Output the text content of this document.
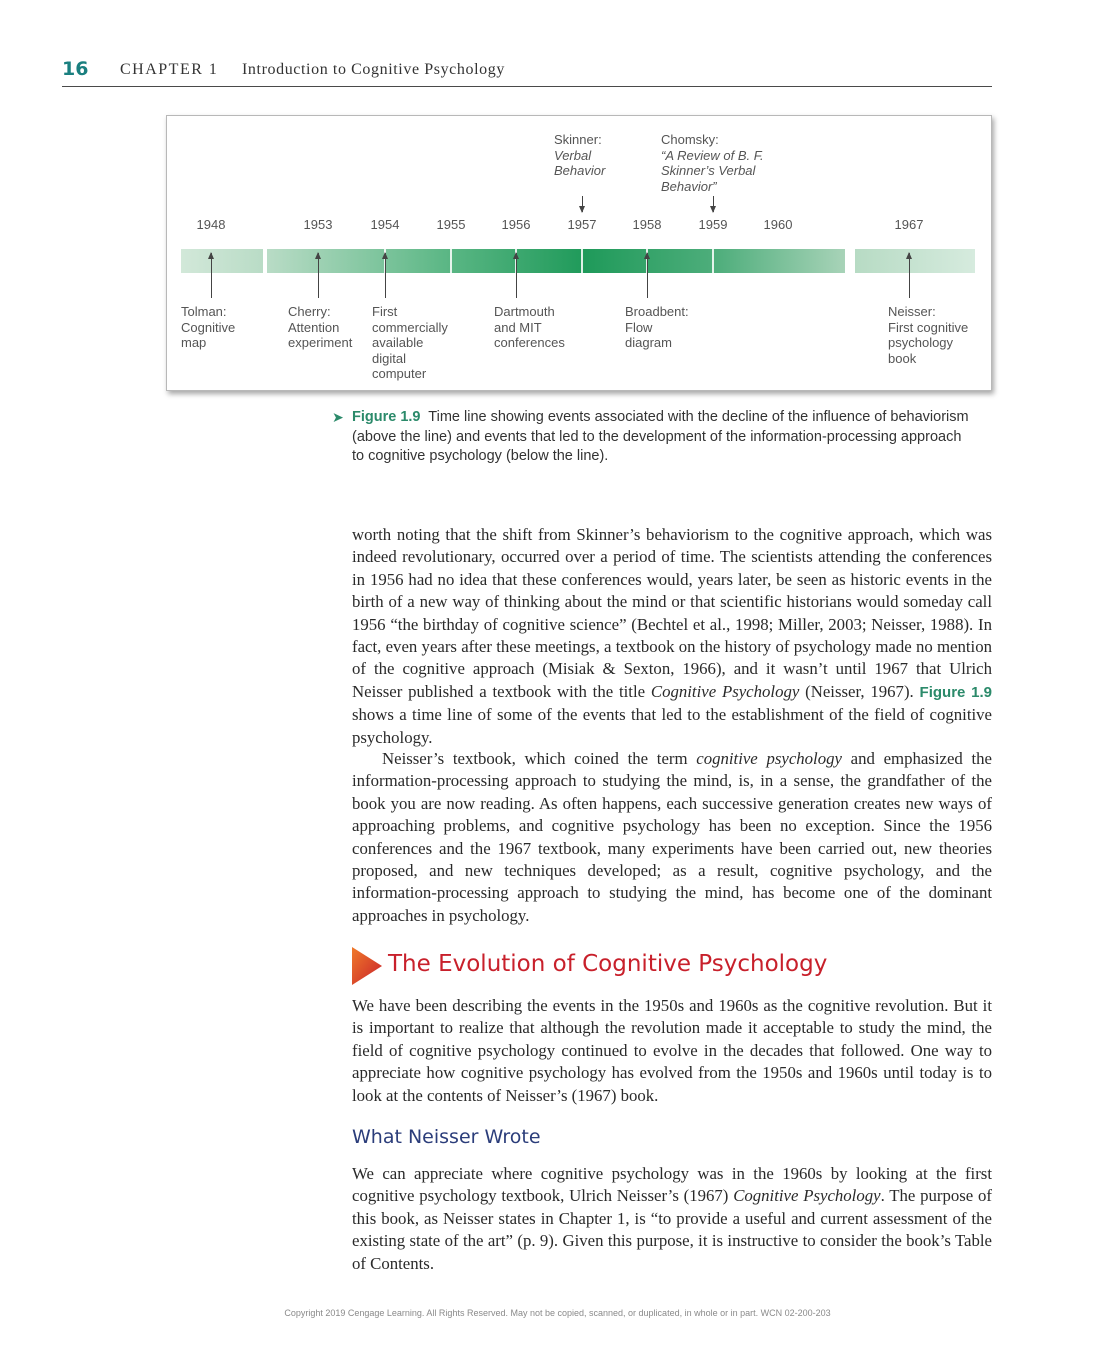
16 CHAPTER 1 Introduction to Cognitive Psychology
Skinner:
Verbal
Behavior
Chomsky:
“A Review of B. F.
Skinner’s Verbal
Behavior”
1948	1953	1954	1955	1956	1957	1958	1959	1960	1967
Tolman:
Cognitive
map
Cherry:
Attention
experiment
First
commercially
available
digital
computer
Dartmouth
and MIT
conferences
Broadbent:
Flow
diagram
Neisser:
First cognitive
psychology
book
➤ Figure 1.9 Time line showing events associated with the decline of the influence of behaviorism (above the line) and events that led to the development of the information-processing approach to cognitive psychology (below the line).

worth noting that the shift from Skinner’s behaviorism to the cognitive approach, which was indeed revolutionary, occurred over a period of time. The scientists attending the conferences in 1956 had no idea that these conferences would, years later, be seen as historic events in the birth of a new way of thinking about the mind or that scientific historians would someday call 1956 “the birthday of cognitive science” (Bechtel et al., 1998; Miller, 2003; Neisser, 1988). In fact, even years after these meetings, a textbook on the history of psychology made no mention of the cognitive approach (Misiak & Sexton, 1966), and it wasn’t until 1967 that Ulrich Neisser published a textbook with the title Cognitive Psychology (Neisser, 1967). Figure 1.9 shows a time line of some of the events that led to the establishment of the field of cognitive psychology.

Neisser’s textbook, which coined the term cognitive psychology and emphasized the information-processing approach to studying the mind, is, in a sense, the grandfather of the book you are now reading. As often happens, each successive generation creates new ways of approaching problems, and cognitive psychology has been no exception. Since the 1956 conferences and the 1967 textbook, many experiments have been carried out, new theories proposed, and new techniques developed; as a result, cognitive psychology, and the information-processing approach to studying the mind, has become one of the dominant approaches in psychology.

The Evolution of Cognitive Psychology

We have been describing the events in the 1950s and 1960s as the cognitive revolution. But it is important to realize that although the revolution made it acceptable to study the mind, the field of cognitive psychology continued to evolve in the decades that followed. One way to appreciate how cognitive psychology has evolved from the 1950s and 1960s until today is to look at the contents of Neisser’s (1967) book.

What Neisser Wrote

We can appreciate where cognitive psychology was in the 1960s by looking at the first cognitive psychology textbook, Ulrich Neisser’s (1967) Cognitive Psychology. The purpose of this book, as Neisser states in Chapter 1, is “to provide a useful and current assessment of the existing state of the art” (p. 9). Given this purpose, it is instructive to consider the book’s Table of Contents.

Copyright 2019 Cengage Learning. All Rights Reserved. May not be copied, scanned, or duplicated, in whole or in part. WCN 02-200-203
